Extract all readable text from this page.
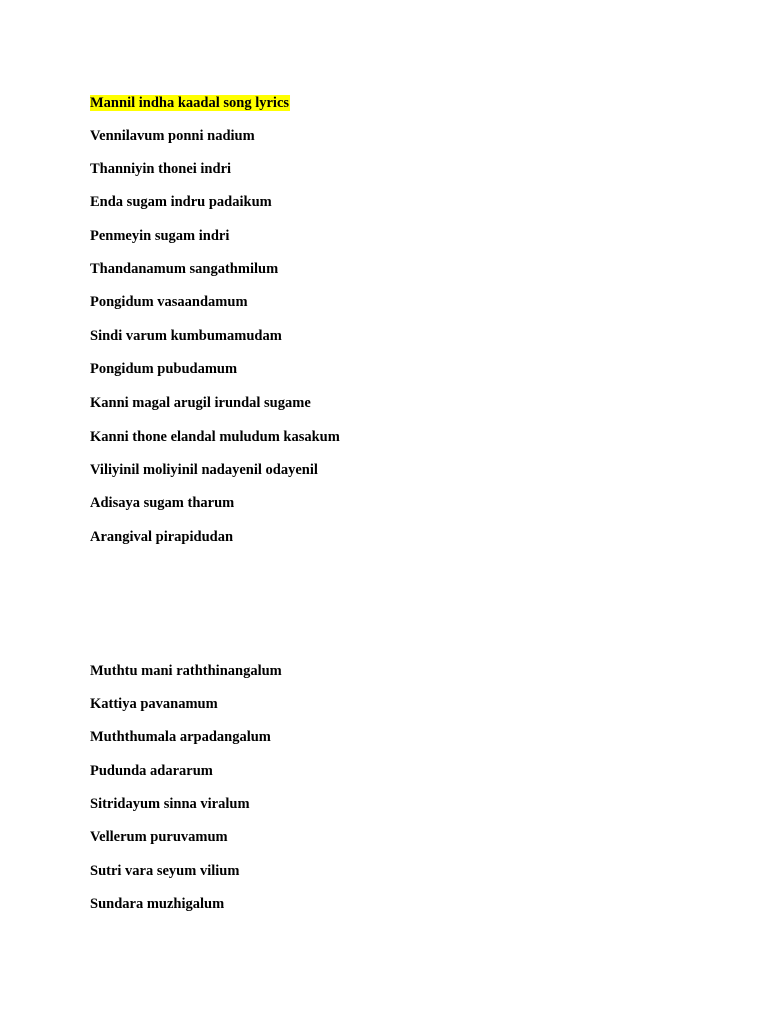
Mannil indha kaadal song lyrics

Vennilavum ponni nadium

Thanniyin thonei indri

Enda sugam indru padaikum

Penmeyin sugam indri

Thandanamum sangathmilum

Pongidum vasaandamum

Sindi varum kumbumamudam

Pongidum pubudamum

Kanni magal arugil irundal sugame

Kanni thone elandal muludum kasakum

Viliyinil moliyinil nadayenil odayenil

Adisaya sugam tharum

Arangival pirapidudan

Muthtu mani raththinangalum

Kattiya pavanamum

Muththumala arpadangalum

Pudunda adararum

Sitridayum sinna viralum

Vellerum puruvamum

Sutri vara seyum vilium

Sundara muzhigalum
